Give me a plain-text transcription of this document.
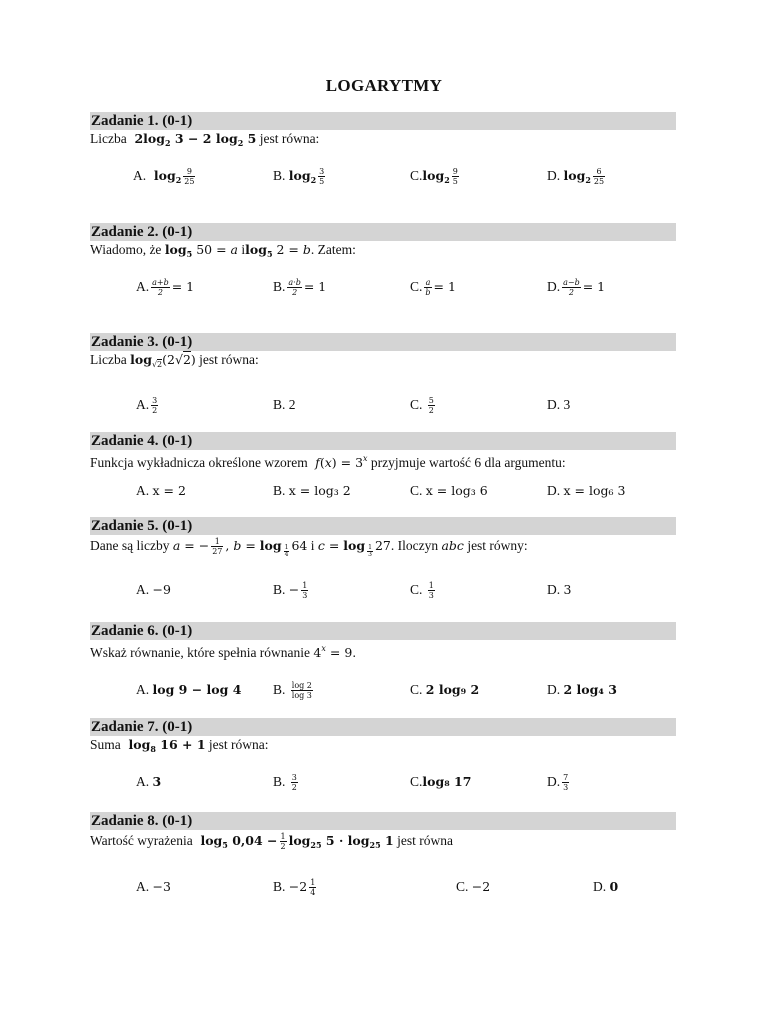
LOGARYTMY
Zadanie 1. (0-1)
Liczba  $2\log_2$ 3 − 2 $\log_2 5$ jest równa:
A.  $\log_2 \frac{9}{25}$	B. $\log_2 \frac{3}{5}$	$C.\log_2 \frac{9}{5}$	D. $\log_2 \frac{6}{25}$
Zadanie 2. (0-1)
Wiadomo, że $\log_5 50 = a$ ilog$_5$ 2 = b. Zatem:
A. $\frac{a+b}{2} = 1$	B. $\frac{a\cdot b}{2} = 1$	C. $\frac{a}{b} = 1$	D. $\frac{a-b}{2} = 1$
Zadanie 3. (0-1)
Liczba $\log_{√2}(2√2)$ jest równa:
A. $\frac{3}{2}$	B. 2	C. $\frac{5}{2}$	D. 3
Zadanie 4. (0-1)
Funkcja wykładnicza określone wzorem $f(x) = 3^x$ przyjmuje wartość 6 dla argumentu:
A. x = 2	B. x = log₃ 2	C. x = log₃ 6	D. x = log₆ 3
Zadanie 5. (0-1)
Dane są liczby a = − $\frac{1}{27}$ , b = log $_{\frac{1}{4}}$ 64 i c = log $_{\frac{1}{3}}$ 27. Iloczyn abc jest równy:
A. −9	B. − $\frac{1}{3}$	C. $\frac{1}{3}$	D. 3
Zadanie 6. (0-1)
Wskaż równanie, które spełnia równanie $4^x = 9$.
A. log 9 − log 4 B. $\frac{\log 2}{\log 3}$	C. 2 log₉ 2	D. 2 log₄ 3
Zadanie 7. (0-1)
Suma  $\log_8 16 + 1$ jest równa:
A. 3	B. $\frac{3}{2}$	C.log₈ 17	D. $\frac{7}{3}$
Zadanie 8. (0-1)
Wartość wyrażenia  $\log_5 0,04 - \frac{1}{2} \log_{25} 5 \cdot \log_{25} 1$ jest równa
A. −3	B. $-2 \frac{1}{4}$	C. −2	D. 0
